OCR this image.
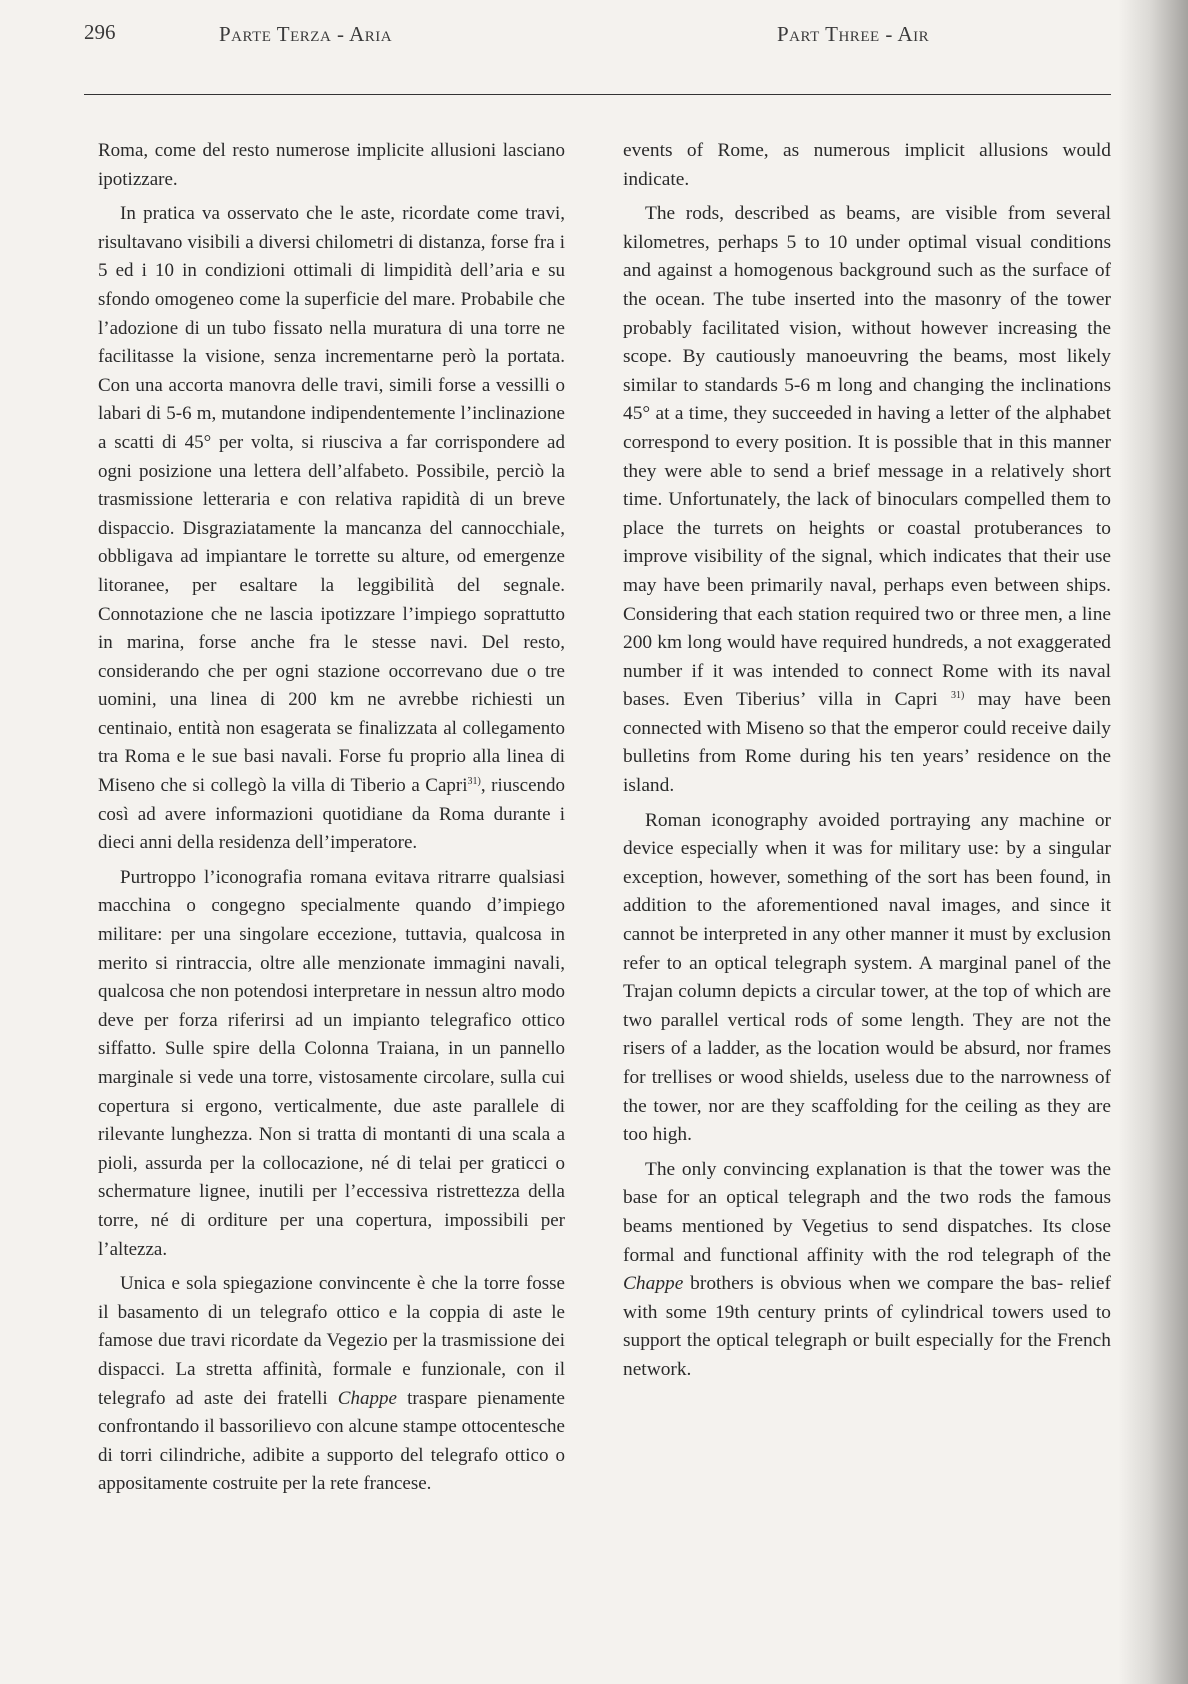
296	Parte Terza - Aria	Part Three - Air

Roma, come del resto numerose implicite allusioni lasciano ipotizzare.

In pratica va osservato che le aste, ricordate come travi, risultavano visibili a diversi chilometri di distanza, forse fra i 5 ed i 10 in condizioni ottimali di limpidità dell’aria e su sfondo omogeneo come la superficie del mare. Probabile che l’adozione di un tubo fissato nella muratura di una torre ne facilitasse la visione, senza incrementarne però la portata. Con una accorta manovra delle travi, simili forse a vessilli o labari di 5-6 m, mutandone indipendentemente l’inclinazione a scatti di 45° per volta, si riusciva a far corrispondere ad ogni posizione una lettera dell’alfabeto. Possibile, perciò la trasmissione letteraria e con relativa rapidità di un breve dispaccio. Disgraziatamente la mancanza del cannocchiale, obbligava ad impiantare le torrette su alture, od emergenze litoranee, per esaltare la leggibilità del segnale. Connotazione che ne lascia ipotizzare l’impiego soprattutto in marina, forse anche fra le stesse navi. Del resto, considerando che per ogni stazione occorrevano due o tre uomini, una linea di 200 km ne avrebbe richiesti un centinaio, entità non esagerata se finalizzata al collegamento tra Roma e le sue basi navali. Forse fu proprio alla linea di Miseno che si collegò la villa di Tiberio a Capri$^{31)}$, riuscendo così ad avere informazioni quotidiane da Roma durante i dieci anni della residenza dell’imperatore.

Purtroppo l’iconografia romana evitava ritrarre qualsiasi macchina o congegno specialmente quando d’impiego militare: per una singolare eccezione, tuttavia, qualcosa in merito si rintraccia, oltre alle menzionate immagini navali, qualcosa che non potendosi interpretare in nessun altro modo deve per forza riferirsi ad un impianto telegrafico ottico siffatto. Sulle spire della Colonna Traiana, in un pannello marginale si vede una torre, vistosamente circolare, sulla cui copertura si ergono, verticalmente, due aste parallele di rilevante lunghezza. Non si tratta di montanti di una scala a pioli, assurda per la collocazione, né di telai per graticci o schermature lignee, inutili per l’eccessiva ristrettezza della torre, né di orditure per una copertura, impossibili per l’altezza.

Unica e sola spiegazione convincente è che la torre fosse il basamento di un telegrafo ottico e la coppia di aste le famose due travi ricordate da Vegezio per la trasmissione dei dispacci. La stretta affinità, formale e funzionale, con il telegrafo ad aste dei fratelli Chappe traspare pienamente confrontando il bassorilievo con alcune stampe ottocentesche di torri cilindriche, adibite a supporto del telegrafo ottico o appositamente costruite per la rete francese.

events of Rome, as numerous implicit allusions would indicate.

The rods, described as beams, are visible from several kilometres, perhaps 5 to 10 under optimal visual conditions and against a homogenous background such as the surface of the ocean. The tube inserted into the masonry of the tower probably facilitated vision, without however increasing the scope. By cautiously manoeuvring the beams, most likely similar to standards 5-6 m long and changing the inclinations 45° at a time, they succeeded in having a letter of the alphabet correspond to every position. It is possible that in this manner they were able to send a brief message in a relatively short time. Unfortunately, the lack of binoculars compelled them to place the turrets on heights or coastal protuberances to improve visibility of the signal, which indicates that their use may have been primarily naval, perhaps even between ships. Considering that each station required two or three men, a line 200 km long would have required hundreds, a not exaggerated number if it was intended to connect Rome with its naval bases. Even Tiberius’ villa in Capri $^{31)}$ may have been connected with Miseno so that the emperor could receive daily bulletins from Rome during his ten years’ residence on the island.

Roman iconography avoided portraying any machine or device especially when it was for military use: by a singular exception, however, something of the sort has been found, in addition to the aforementioned naval images, and since it cannot be interpreted in any other manner it must by exclusion refer to an optical telegraph system. A marginal panel of the Trajan column depicts a circular tower, at the top of which are two parallel vertical rods of some length. They are not the risers of a ladder, as the location would be absurd, nor frames for trellises or wood shields, useless due to the narrowness of the tower, nor are they scaffolding for the ceiling as they are too high.

The only convincing explanation is that the tower was the base for an optical telegraph and the two rods the famous beams mentioned by Vegetius to send dispatches. Its close formal and functional affinity with the rod telegraph of the Chappe brothers is obvious when we compare the bas- relief with some 19th century prints of cylindrical towers used to support the optical telegraph or built especially for the French network.
